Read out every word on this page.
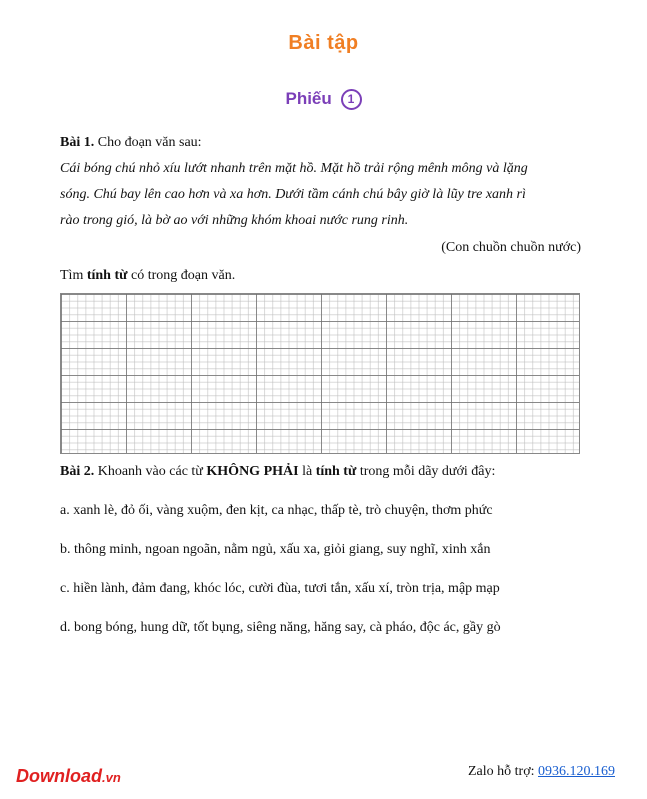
Bài tập
Phiếu 1
Bài 1. Cho đoạn văn sau:
Cái bóng chú nhỏ xíu lướt nhanh trên mặt hồ. Mặt hồ trải rộng mênh mông và lặng
sóng. Chú bay lên cao hơn và xa hơn. Dưới tầm cánh chú bây giờ là lũy tre xanh rì
rào trong gió, là bờ ao với những khóm khoai nước rung rinh.
(Con chuồn chuồn nước)
Tìm tính từ có trong đoạn văn.
Bài 2. Khoanh vào các từ KHÔNG PHẢI là tính từ trong mỗi dãy dưới đây:
a. xanh lè, đỏ ối, vàng xuộm, đen kịt, ca nhạc, thấp tè, trò chuyện, thơm phức
b. thông minh, ngoan ngoãn, nằm ngủ, xấu xa, giỏi giang, suy nghĩ, xinh xắn
c. hiền lành, đảm đang, khóc lóc, cười đùa, tươi tắn, xấu xí, tròn trịa, mập mạp
d. bong bóng, hung dữ, tốt bụng, siêng năng, hăng say, cà pháo, độc ác, gầy gò
Download.vn	Zalo hỗ trợ: 0936.120.169
